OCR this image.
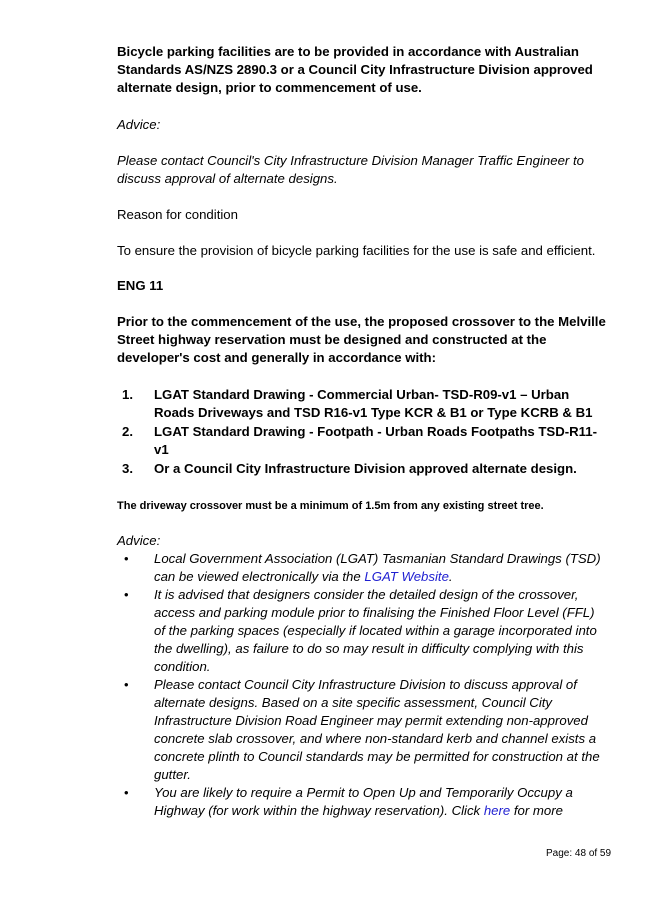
Bicycle parking facilities are to be provided in accordance with Australian
Standards AS/NZS 2890.3 or a Council City Infrastructure Division approved
alternate design, prior to commencement of use.
Advice:
Please contact Council's City Infrastructure Division Manager Traffic Engineer to
discuss approval of alternate designs.
Reason for condition
To ensure the provision of bicycle parking facilities for the use is safe and efficient.
ENG 11
Prior to the commencement of the use, the proposed crossover to the Melville
Street highway reservation must be designed and constructed at the
developer's cost and generally in accordance with:
1. LGAT Standard Drawing - Commercial Urban- TSD-R09-v1 – Urban
Roads Driveways and TSD R16-v1 Type KCR & B1 or Type KCRB & B1
2. LGAT Standard Drawing - Footpath - Urban Roads Footpaths TSD-R11-
v1
3. Or a Council City Infrastructure Division approved alternate design.
The driveway crossover must be a minimum of 1.5m from any existing street tree.
Advice:
• Local Government Association (LGAT) Tasmanian Standard Drawings (TSD)
can be viewed electronically via the LGAT Website.
• It is advised that designers consider the detailed design of the crossover,
access and parking module prior to finalising the Finished Floor Level (FFL)
of the parking spaces (especially if located within a garage incorporated into
the dwelling), as failure to do so may result in difficulty complying with this
condition.
• Please contact Council City Infrastructure Division to discuss approval of
alternate designs. Based on a site specific assessment, Council City
Infrastructure Division Road Engineer may permit extending non-approved
concrete slab crossover, and where non-standard kerb and channel exists a
concrete plinth to Council standards may be permitted for construction at the
gutter.
• You are likely to require a Permit to Open Up and Temporarily Occupy a
Highway (for work within the highway reservation). Click here for more
Page: 48 of 59
